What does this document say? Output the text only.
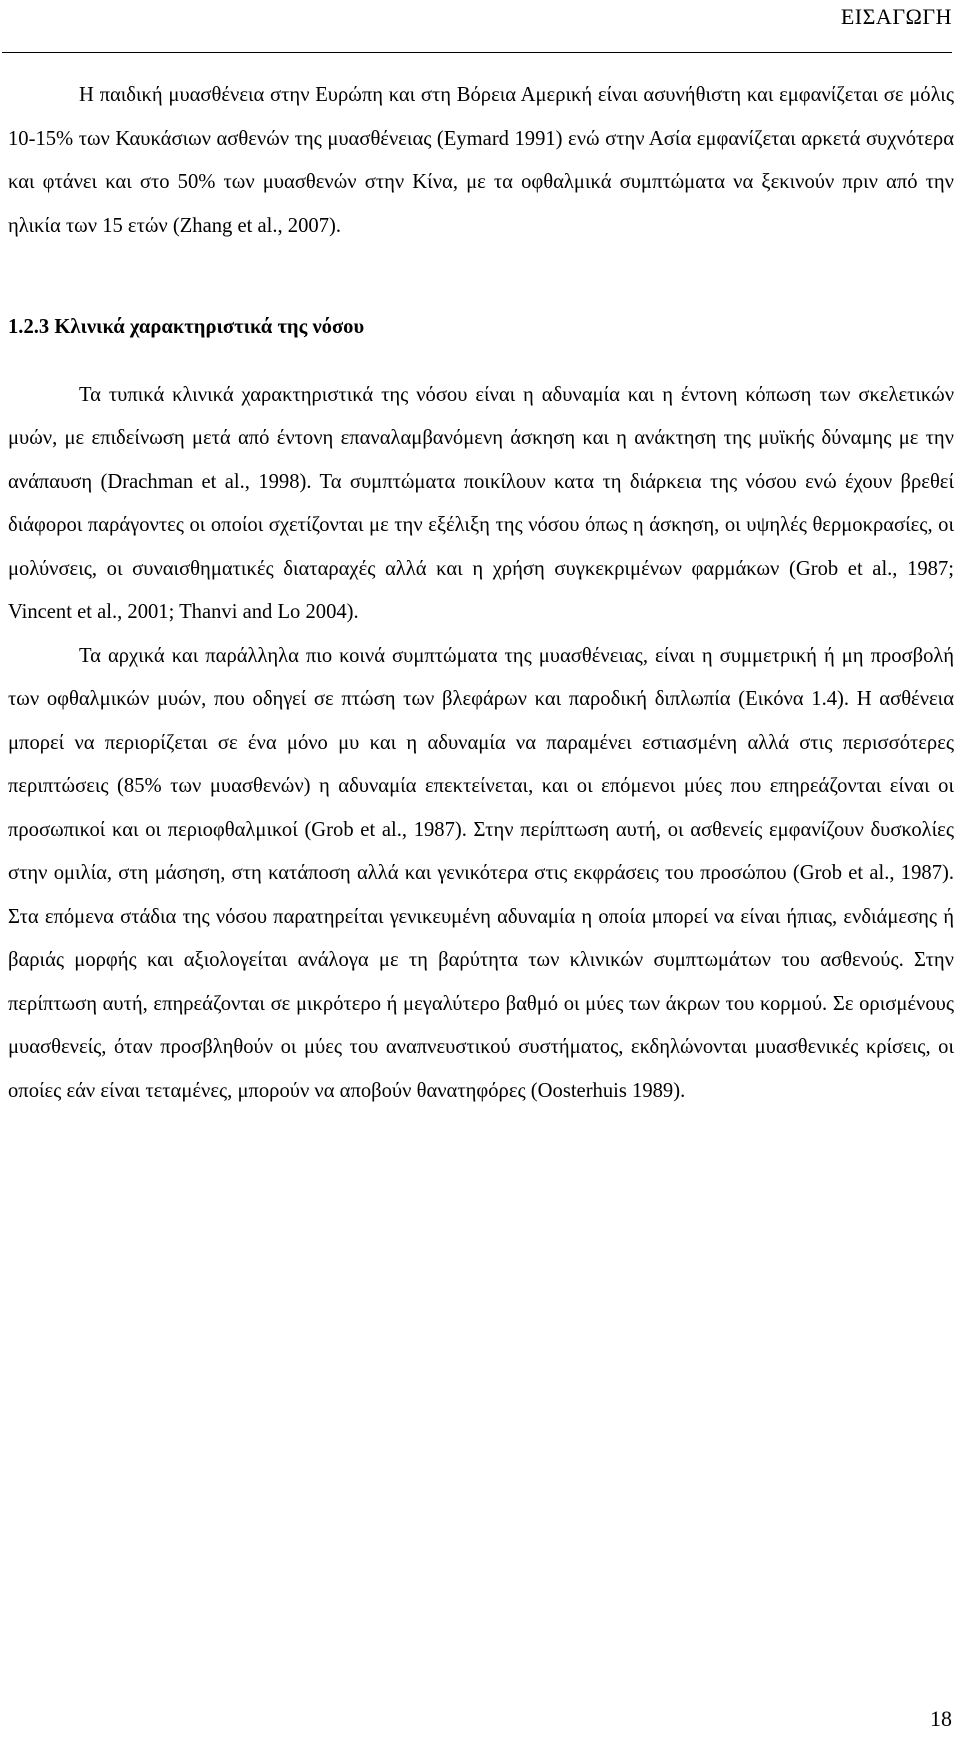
ΕΙΣΑΓΩΓΗ

Η παιδική μυασθένεια στην Ευρώπη και στη Βόρεια Αμερική είναι ασυνήθιστη και εμφανίζεται σε μόλις 10-15% των Καυκάσιων ασθενών της μυασθένειας (Eymard 1991) ενώ στην Ασία εμφανίζεται αρκετά συχνότερα και φτάνει και στο 50% των μυασθενών στην Κίνα, με τα οφθαλμικά συμπτώματα να ξεκινούν πριν από την ηλικία των 15 ετών (Zhang et al., 2007).

1.2.3 Κλινικά χαρακτηριστικά της νόσου

Τα τυπικά κλινικά χαρακτηριστικά της νόσου είναι η αδυναμία και η έντονη κόπωση των σκελετικών μυών, με επιδείνωση μετά από έντονη επαναλαμβανόμενη άσκηση και η ανάκτηση της μυϊκής δύναμης με την ανάπαυση (Drachman et al., 1998). Τα συμπτώματα ποικίλουν κατα τη διάρκεια της νόσου ενώ έχουν βρεθεί διάφοροι παράγοντες οι οποίοι σχετίζονται με την εξέλιξη της νόσου όπως η άσκηση, οι υψηλές θερμοκρασίες, οι μολύνσεις, οι συναισθηματικές διαταραχές αλλά και η χρήση συγκεκριμένων φαρμάκων (Grob et al., 1987; Vincent et al., 2001; Thanvi and Lo 2004).

Τα αρχικά και παράλληλα πιο κοινά συμπτώματα της μυασθένειας, είναι η συμμετρική ή μη προσβολή των οφθαλμικών μυών, που οδηγεί σε πτώση των βλεφάρων και παροδική διπλωπία (Εικόνα 1.4). Η ασθένεια μπορεί να περιορίζεται σε ένα μόνο μυ και η αδυναμία να παραμένει εστιασμένη αλλά στις περισσότερες περιπτώσεις (85% των μυασθενών) η αδυναμία επεκτείνεται, και οι επόμενοι μύες που επηρεάζονται είναι οι προσωπικοί και οι περιοφθαλμικοί (Grob et al., 1987). Στην περίπτωση αυτή, οι ασθενείς εμφανίζουν δυσκολίες στην ομιλία, στη μάσηση, στη κατάποση αλλά και γενικότερα στις εκφράσεις του προσώπου (Grob et al., 1987). Στα επόμενα στάδια της νόσου παρατηρείται γενικευμένη αδυναμία η οποία μπορεί να είναι ήπιας, ενδιάμεσης ή βαριάς μορφής και αξιολογείται ανάλογα με τη βαρύτητα των κλινικών συμπτωμάτων του ασθενούς. Στην περίπτωση αυτή, επηρεάζονται σε μικρότερο ή μεγαλύτερο βαθμό οι μύες των άκρων του κορμού. Σε ορισμένους μυασθενείς, όταν προσβληθούν οι μύες του αναπνευστικού συστήματος, εκδηλώνονται μυασθενικές κρίσεις, οι οποίες εάν είναι τεταμένες, μπορούν να αποβούν θανατηφόρες (Oosterhuis 1989).

18
